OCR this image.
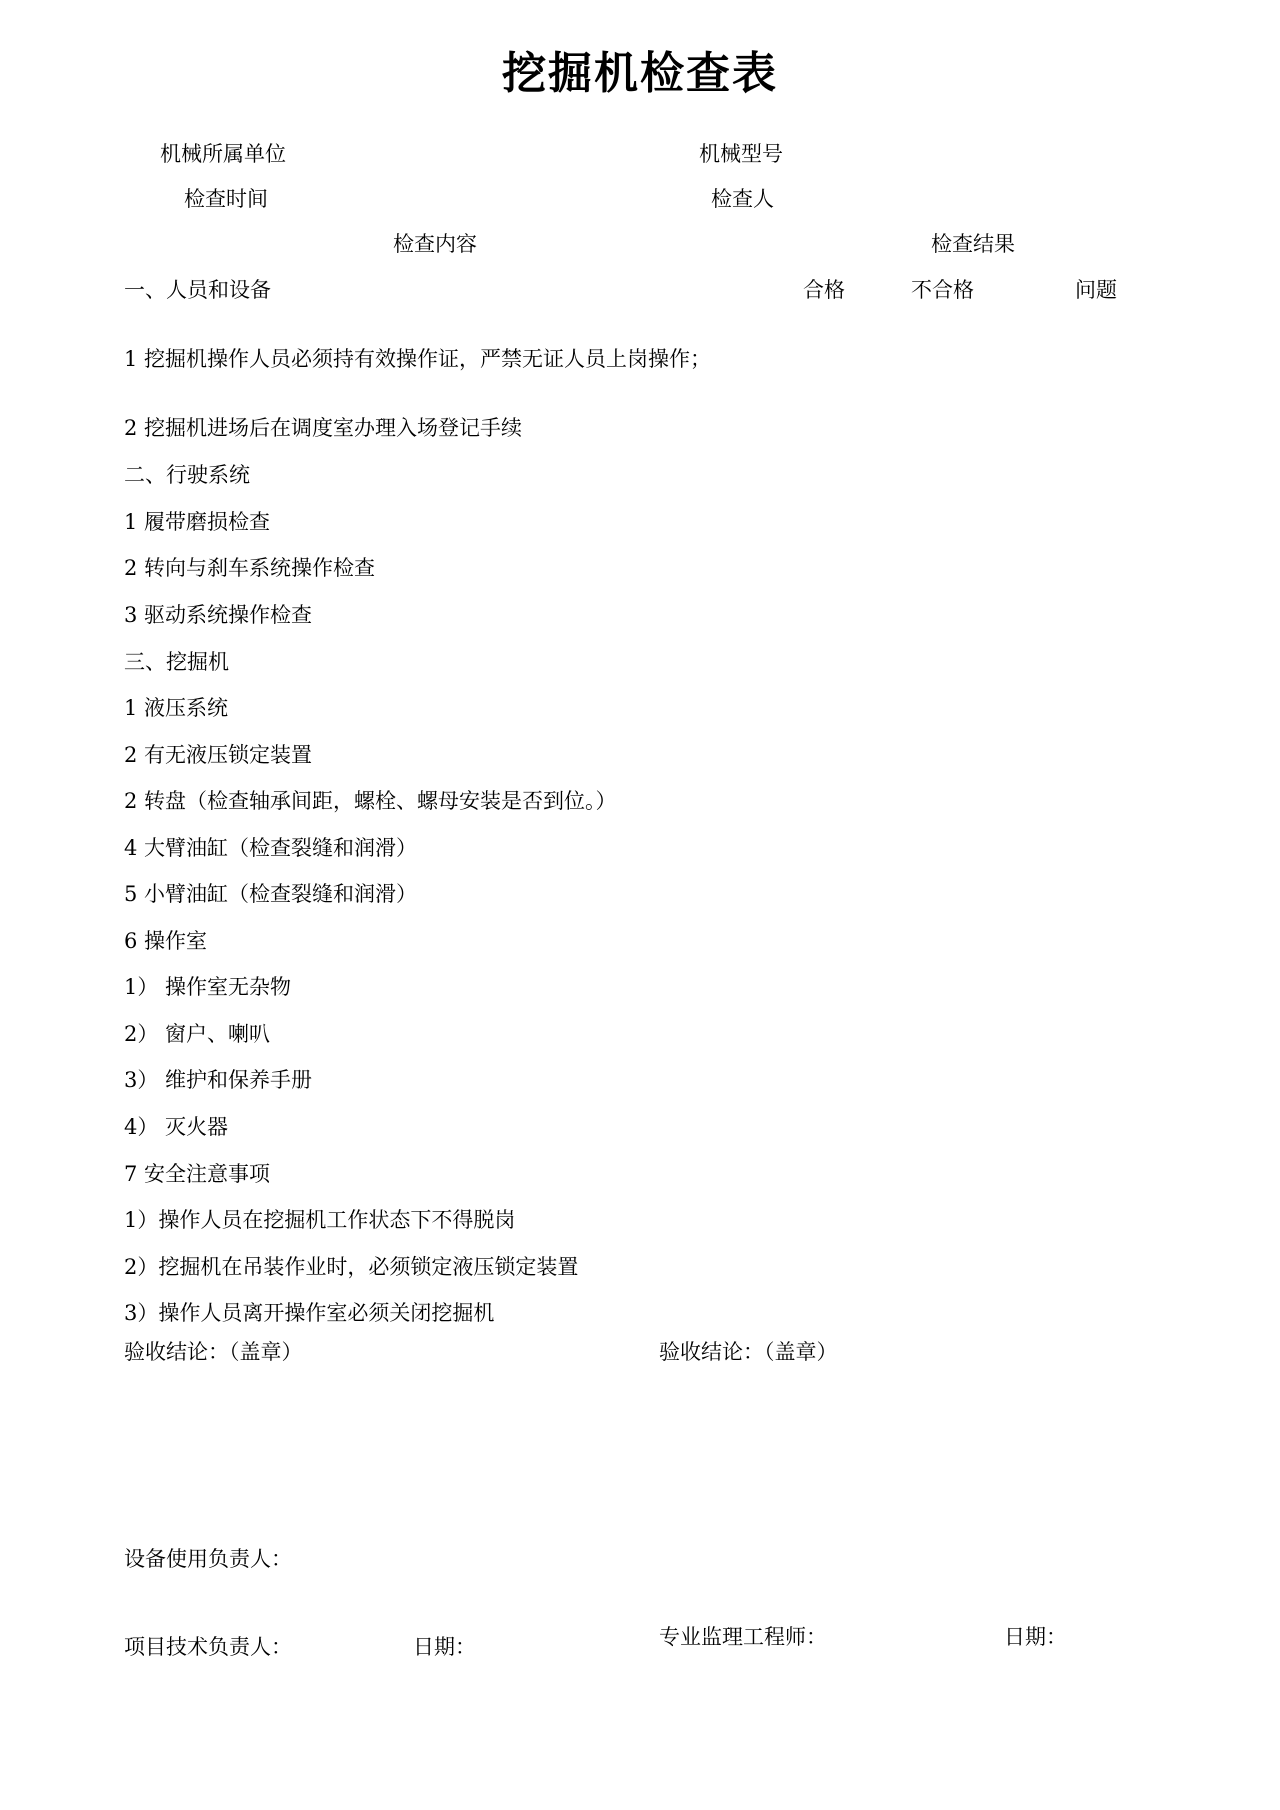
挖掘机检查表
机械所属单位	机械型号
检查时间	检查人
检查内容	检查结果
一、人员和设备	合格	不合格	问题
1 挖掘机操作人员必须持有效操作证，严禁无证人员上岗操作；
2 挖掘机进场后在调度室办理入场登记手续
二、行驶系统
1 履带磨损检查
2 转向与刹车系统操作检查
3 驱动系统操作检查
三、挖掘机
1 液压系统
2 有无液压锁定装置
2 转盘（检查轴承间距，螺栓、螺母安装是否到位。）
4 大臂油缸（检查裂缝和润滑）
5 小臂油缸（检查裂缝和润滑）
6 操作室
1） 操作室无杂物
2） 窗户、喇叭
3） 维护和保养手册
4） 灭火器
7 安全注意事项
1）操作人员在挖掘机工作状态下不得脱岗
2）挖掘机在吊装作业时，必须锁定液压锁定装置
3）操作人员离开操作室必须关闭挖掘机
验收结论：（盖章）	验收结论：（盖章）
设备使用负责人：
项目技术负责人：	日期：	专业监理工程师：	日期：
